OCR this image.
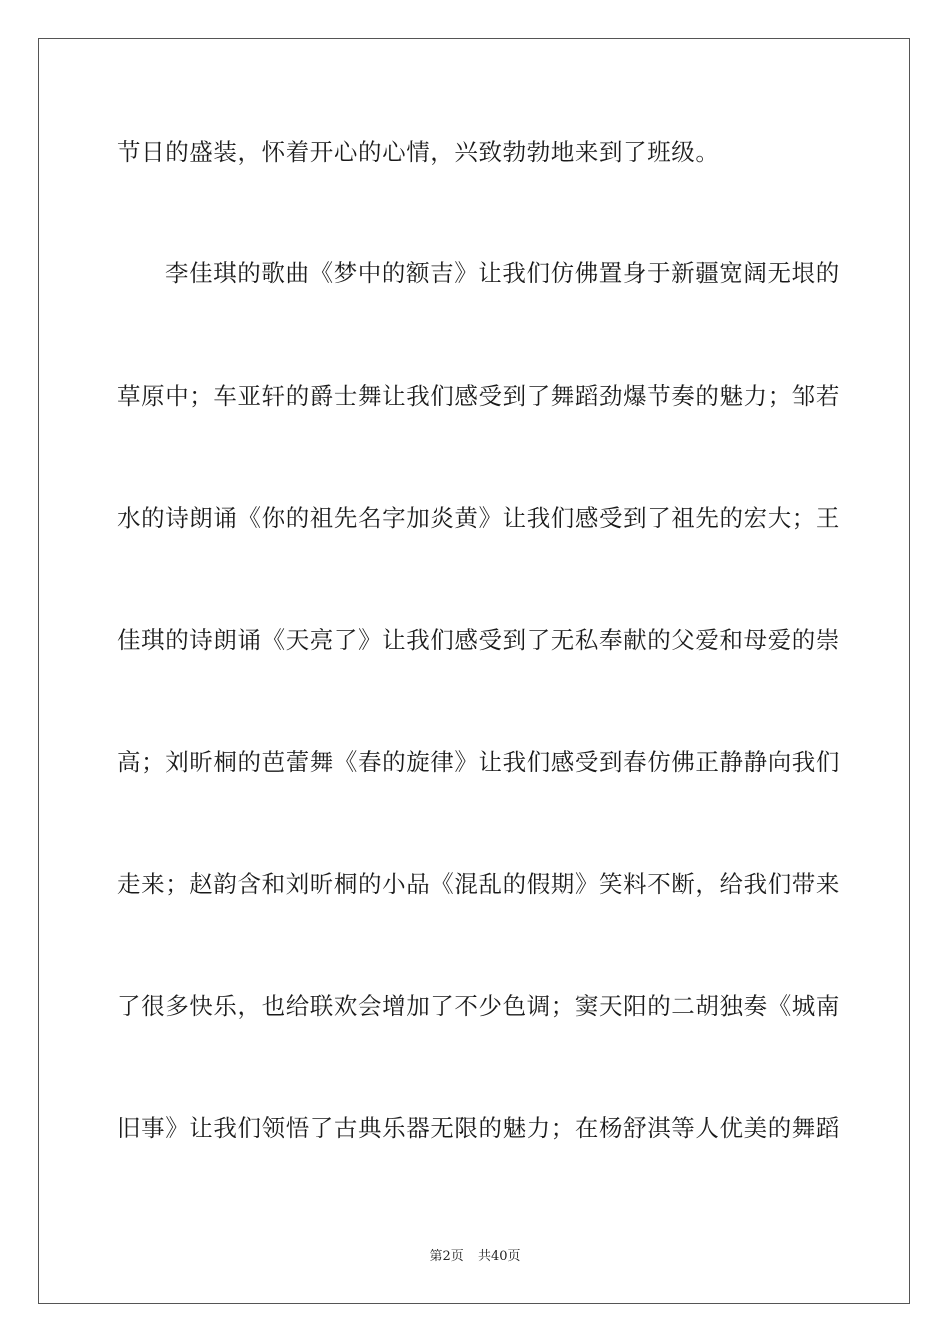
节日的盛装，怀着开心的心情，兴致勃勃地来到了班级。
李佳琪的歌曲《梦中的额吉》让我们仿佛置身于新疆宽阔无垠的
草原中；车亚轩的爵士舞让我们感受到了舞蹈劲爆节奏的魅力；邹若
水的诗朗诵《你的祖先名字加炎黄》让我们感受到了祖先的宏大；王
佳琪的诗朗诵《天亮了》让我们感受到了无私奉献的父爱和母爱的崇
高；刘昕桐的芭蕾舞《春的旋律》让我们感受到春仿佛正静静向我们
走来；赵韵含和刘昕桐的小品《混乱的假期》笑料不断，给我们带来
了很多快乐，也给联欢会增加了不少色调；窦天阳的二胡独奏《城南
旧事》让我们领悟了古典乐器无限的魅力；在杨舒淇等人优美的舞蹈
第2页 共40页
